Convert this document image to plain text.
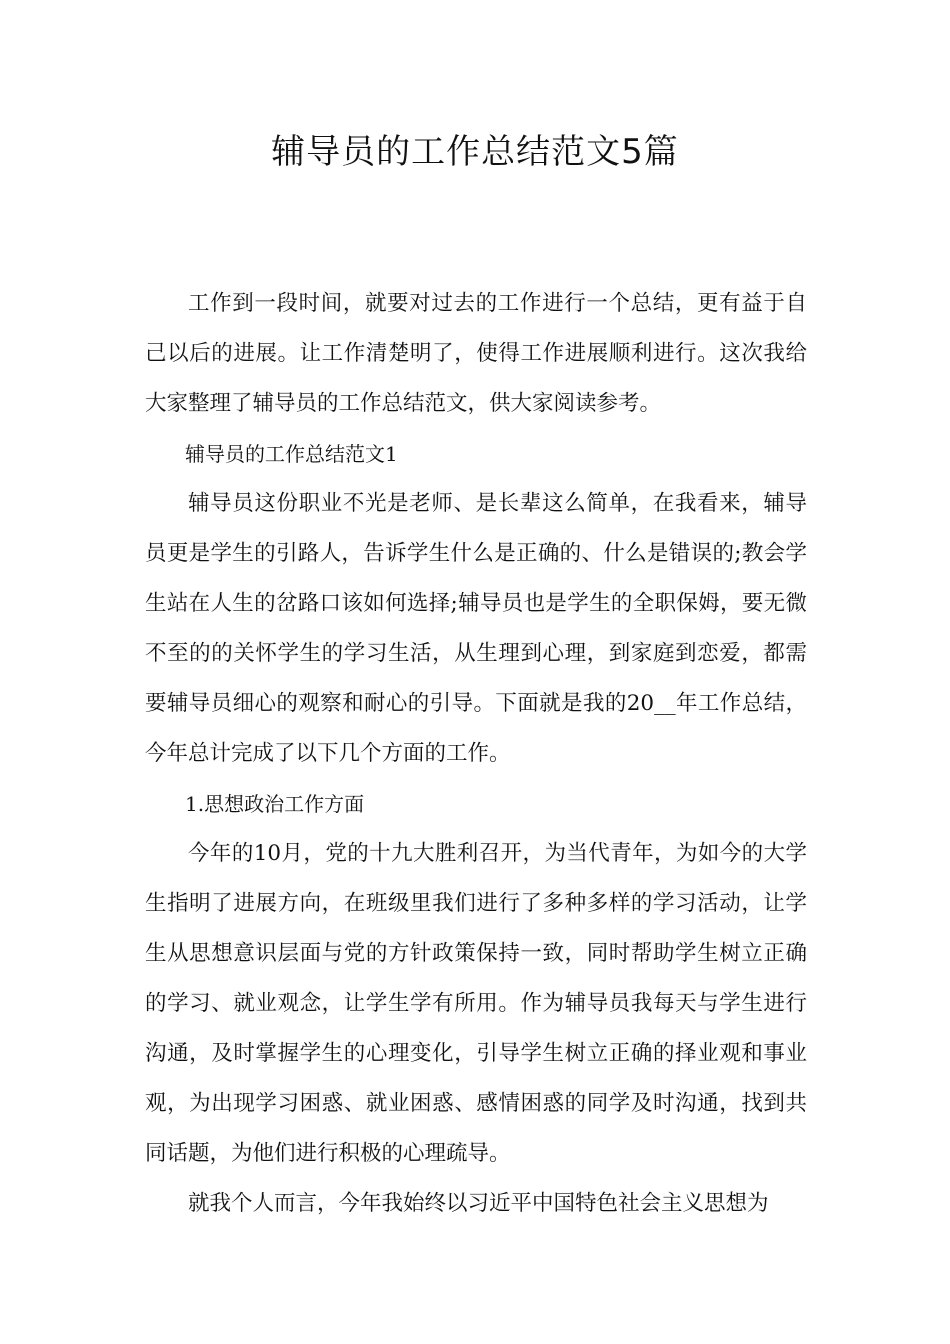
辅导员的工作总结范文5篇

工作到一段时间，就要对过去的工作进行一个总结，更有益于自己以后的进展。让工作清楚明了，使得工作进展顺利进行。这次我给大家整理了辅导员的工作总结范文，供大家阅读参考。

辅导员的工作总结范文1

辅导员这份职业不光是老师、是长辈这么简单，在我看来，辅导员更是学生的引路人，告诉学生什么是正确的、什么是错误的;教会学生站在人生的岔路口该如何选择;辅导员也是学生的全职保姆，要无微不至的的关怀学生的学习生活，从生理到心理，到家庭到恋爱，都需要辅导员细心的观察和耐心的引导。下面就是我的20__年工作总结，今年总计完成了以下几个方面的工作。

1.思想政治工作方面

今年的10月，党的十九大胜利召开，为当代青年，为如今的大学生指明了进展方向，在班级里我们进行了多种多样的学习活动，让学生从思想意识层面与党的方针政策保持一致，同时帮助学生树立正确的学习、就业观念，让学生学有所用。作为辅导员我每天与学生进行沟通，及时掌握学生的心理变化，引导学生树立正确的择业观和事业观，为出现学习困惑、就业困惑、感情困惑的同学及时沟通，找到共同话题，为他们进行积极的心理疏导。

就我个人而言，今年我始终以习近平中国特色社会主义思想为
